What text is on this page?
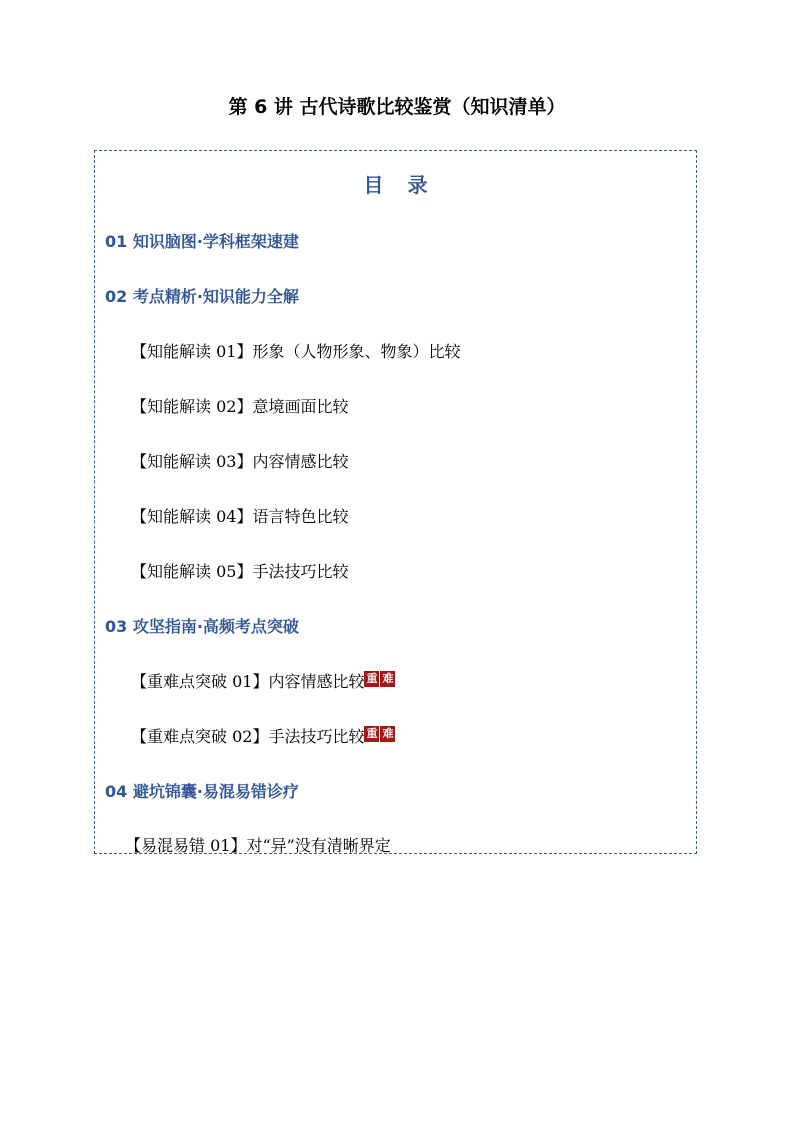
第 6 讲 古代诗歌比较鉴赏（知识清单）
目录
01 知识脑图·学科框架速建
02 考点精析·知识能力全解
【知能解读 01】形象（人物形象、物象）比较
【知能解读 02】意境画面比较
【知能解读 03】内容情感比较
【知能解读 04】语言特色比较
【知能解读 05】手法技巧比较
03 攻坚指南·高频考点突破
【重难点突破 01】内容情感比较 重 难
【重难点突破 02】手法技巧比较 重 难
04 避坑锦囊·易混易错诊疗
【易混易错 01】对“异”没有清晰界定
